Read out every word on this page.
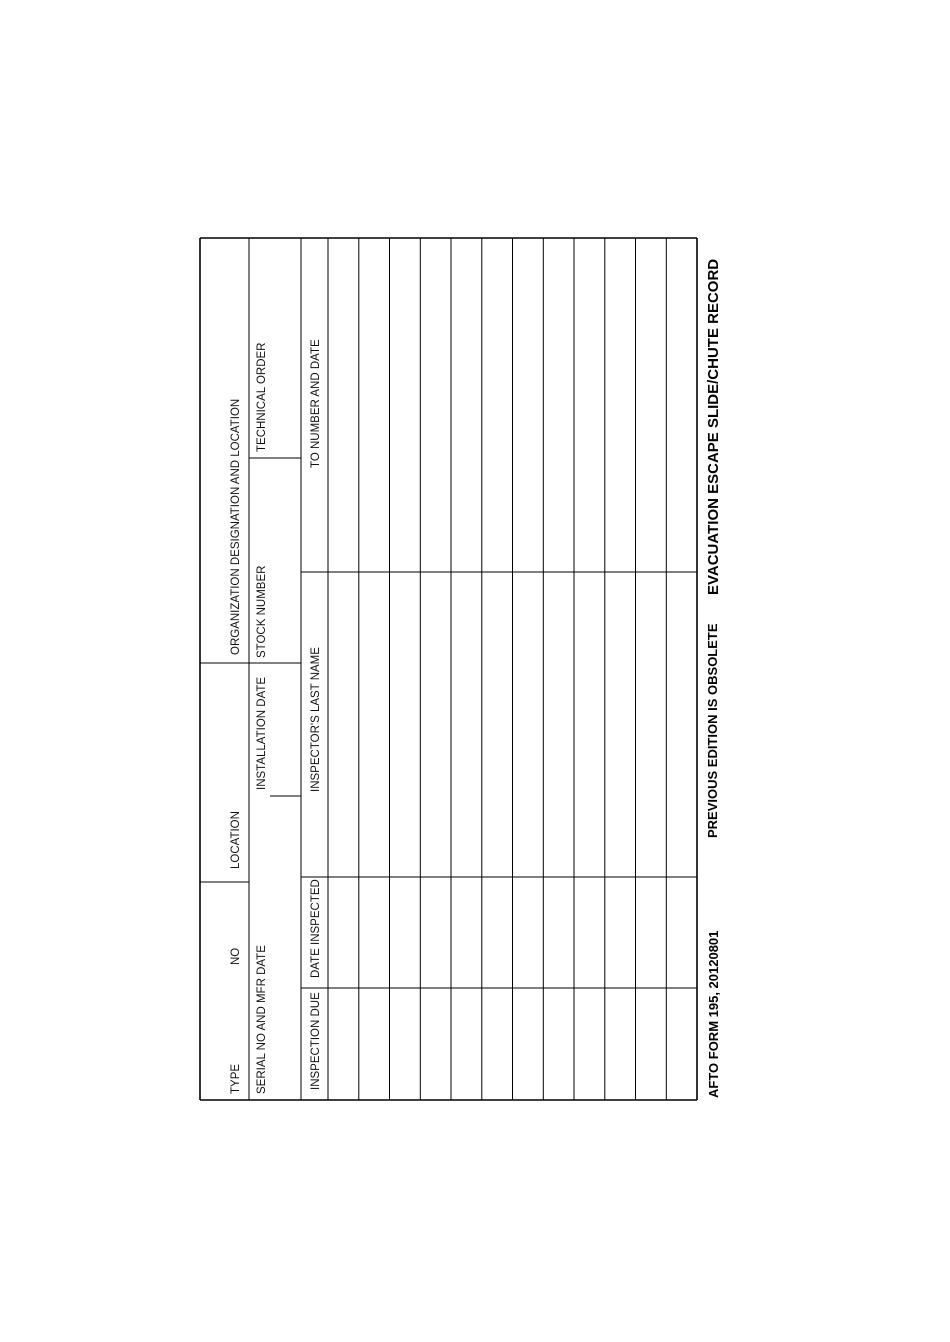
TYPE
NO
LOCATION
ORGANIZATION DESIGNATION AND LOCATION
SERIAL NO AND MFR DATE
INSTALLATION DATE
STOCK NUMBER
TECHNICAL ORDER
INSPECTION DUE
DATE INSPECTED
INSPECTOR'S LAST NAME
TO NUMBER AND DATE
AFTO FORM 195, 20120801
PREVIOUS EDITION IS OBSOLETE
EVACUATION ESCAPE SLIDE/CHUTE RECORD
